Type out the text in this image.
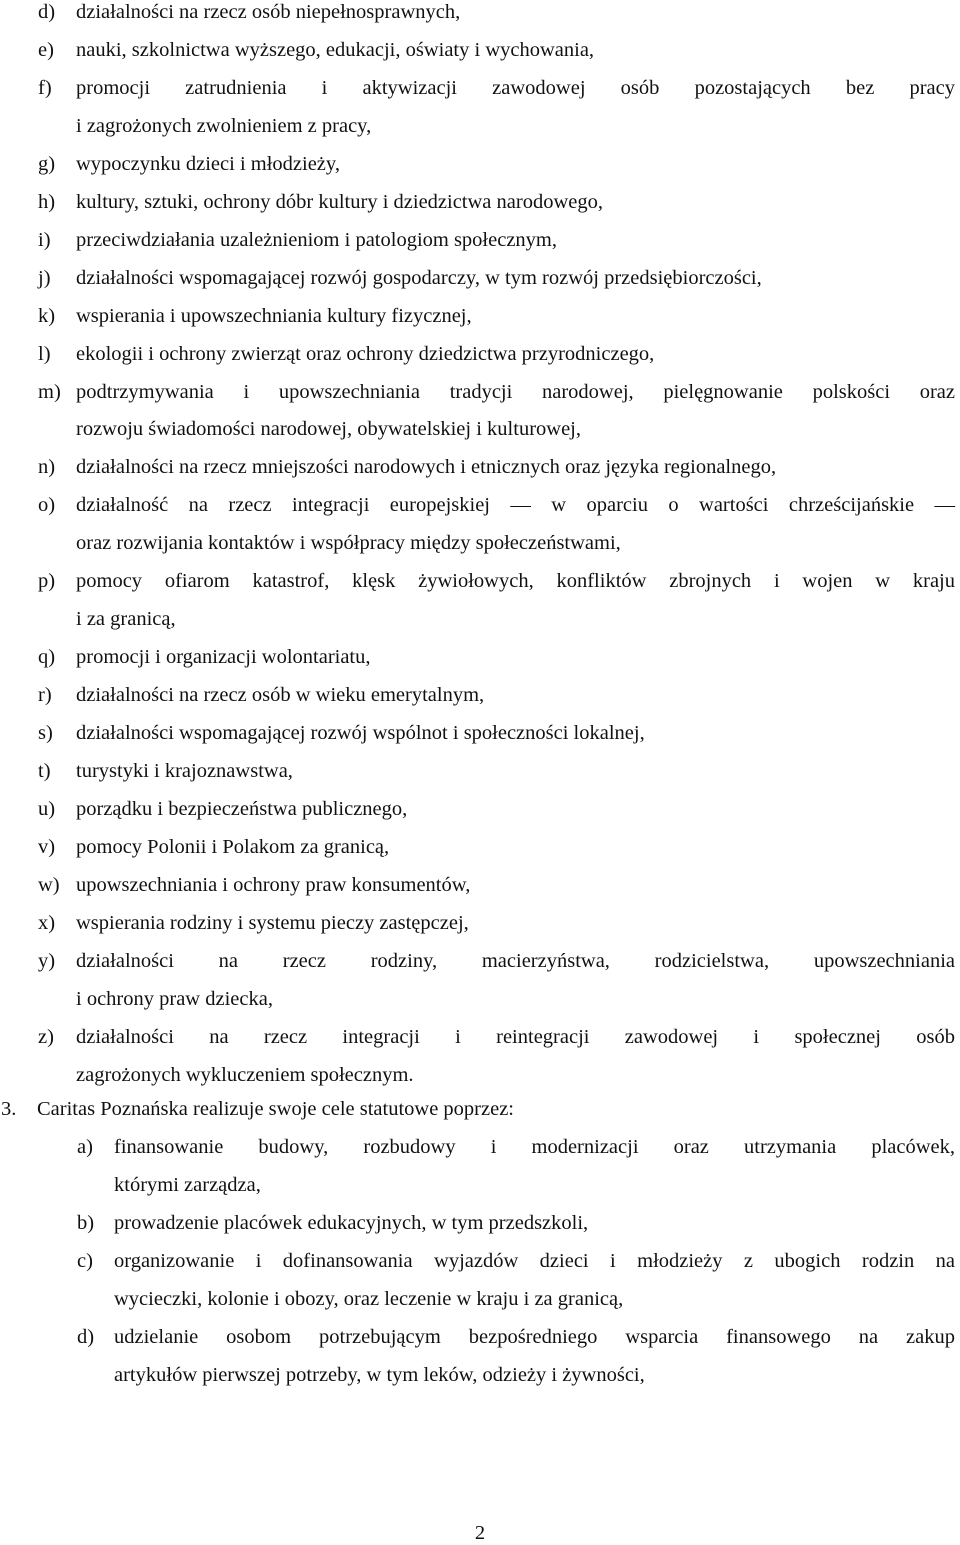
d) działalności na rzecz osób niepełnosprawnych,
e) nauki, szkolnictwa wyższego, edukacji, oświaty i wychowania,
f) promocji zatrudnienia i aktywizacji zawodowej osób pozostających bez pracy
i zagrożonych zwolnieniem z pracy,
g) wypoczynku dzieci i młodzieży,
h) kultury, sztuki, ochrony dóbr kultury i dziedzictwa narodowego,
i) przeciwdziałania uzależnieniom i patologiom społecznym,
j) działalności wspomagającej rozwój gospodarczy, w tym rozwój przedsiębiorczości,
k) wspierania i upowszechniania kultury fizycznej,
l) ekologii i ochrony zwierząt oraz ochrony dziedzictwa przyrodniczego,
m) podtrzymywania i upowszechniania tradycji narodowej, pielęgnowanie polskości oraz
rozwoju świadomości narodowej, obywatelskiej i kulturowej,
n) działalności na rzecz mniejszości narodowych i etnicznych oraz języka regionalnego,
o) działalność na rzecz integracji europejskiej — w oparciu o wartości chrześcijańskie —
oraz rozwijania kontaktów i współpracy między społeczeństwami,
p) pomocy ofiarom katastrof, klęsk żywiołowych, konfliktów zbrojnych i wojen w kraju
i za granicą,
q) promocji i organizacji wolontariatu,
r) działalności na rzecz osób w wieku emerytalnym,
s) działalności wspomagającej rozwój wspólnot i społeczności lokalnej,
t) turystyki i krajoznawstwa,
u) porządku i bezpieczeństwa publicznego,
v) pomocy Polonii i Polakom za granicą,
w) upowszechniania i ochrony praw konsumentów,
x) wspierania rodziny i systemu pieczy zastępczej,
y) działalności na rzecz rodziny, macierzyństwa, rodzicielstwa, upowszechniania
i ochrony praw dziecka,
z) działalności na rzecz integracji i reintegracji zawodowej i społecznej osób
zagrożonych wykluczeniem społecznym.
3. Caritas Poznańska realizuje swoje cele statutowe poprzez:
a) finansowanie budowy, rozbudowy i modernizacji oraz utrzymania placówek,
którymi zarządza,
b) prowadzenie placówek edukacyjnych, w tym przedszkoli,
c) organizowanie i dofinansowania wyjazdów dzieci i młodzieży z ubogich rodzin na
wycieczki, kolonie i obozy, oraz leczenie w kraju i za granicą,
d) udzielanie osobom potrzebującym bezpośredniego wsparcia finansowego na zakup
artykułów pierwszej potrzeby, w tym leków, odzieży i żywności,
2
